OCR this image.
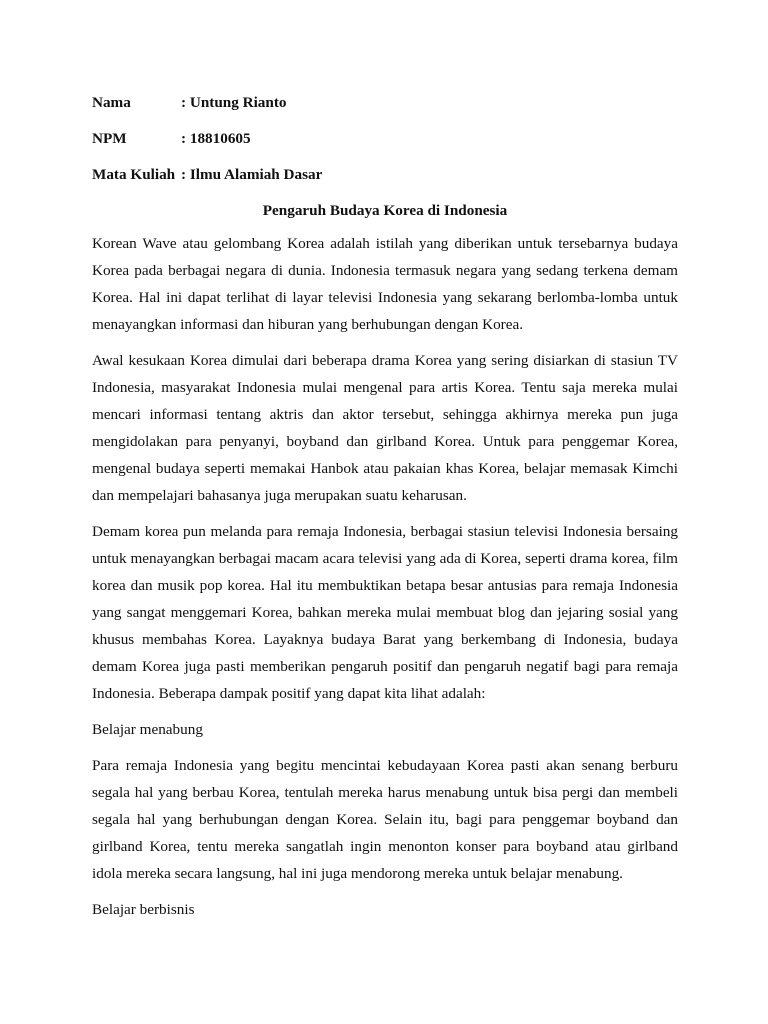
Nama	: Untung Rianto
NPM	: 18810605
Mata Kuliah : Ilmu Alamiah Dasar
Pengaruh Budaya Korea di Indonesia

Korean Wave atau gelombang Korea adalah istilah yang diberikan untuk tersebarnya budaya Korea pada berbagai negara di dunia. Indonesia termasuk negara yang sedang terkena demam Korea. Hal ini dapat terlihat di layar televisi Indonesia yang sekarang berlomba-lomba untuk menayangkan informasi dan hiburan yang berhubungan dengan Korea.

Awal kesukaan Korea dimulai dari beberapa drama Korea yang sering disiarkan di stasiun TV Indonesia, masyarakat Indonesia mulai mengenal para artis Korea. Tentu saja mereka mulai mencari informasi tentang aktris dan aktor tersebut, sehingga akhirnya mereka pun juga mengidolakan para penyanyi, boyband dan girlband Korea. Untuk para penggemar Korea, mengenal budaya seperti memakai Hanbok atau pakaian khas Korea, belajar memasak Kimchi dan mempelajari bahasanya juga merupakan suatu keharusan.

Demam korea pun melanda para remaja Indonesia, berbagai stasiun televisi Indonesia bersaing untuk menayangkan berbagai macam acara televisi yang ada di Korea, seperti drama korea, film korea dan musik pop korea. Hal itu membuktikan betapa besar antusias para remaja Indonesia yang sangat menggemari Korea, bahkan mereka mulai membuat blog dan jejaring sosial yang khusus membahas Korea. Layaknya budaya Barat yang berkembang di Indonesia, budaya demam Korea juga pasti memberikan pengaruh positif dan pengaruh negatif bagi para remaja Indonesia. Beberapa dampak positif yang dapat kita lihat adalah:

Belajar menabung

Para remaja Indonesia yang begitu mencintai kebudayaan Korea pasti akan senang berburu segala hal yang berbau Korea, tentulah mereka harus menabung untuk bisa pergi dan membeli segala hal yang berhubungan dengan Korea. Selain itu, bagi para penggemar boyband dan girlband Korea, tentu mereka sangatlah ingin menonton konser para boyband atau girlband idola mereka secara langsung, hal ini juga mendorong mereka untuk belajar menabung.

Belajar berbisnis
